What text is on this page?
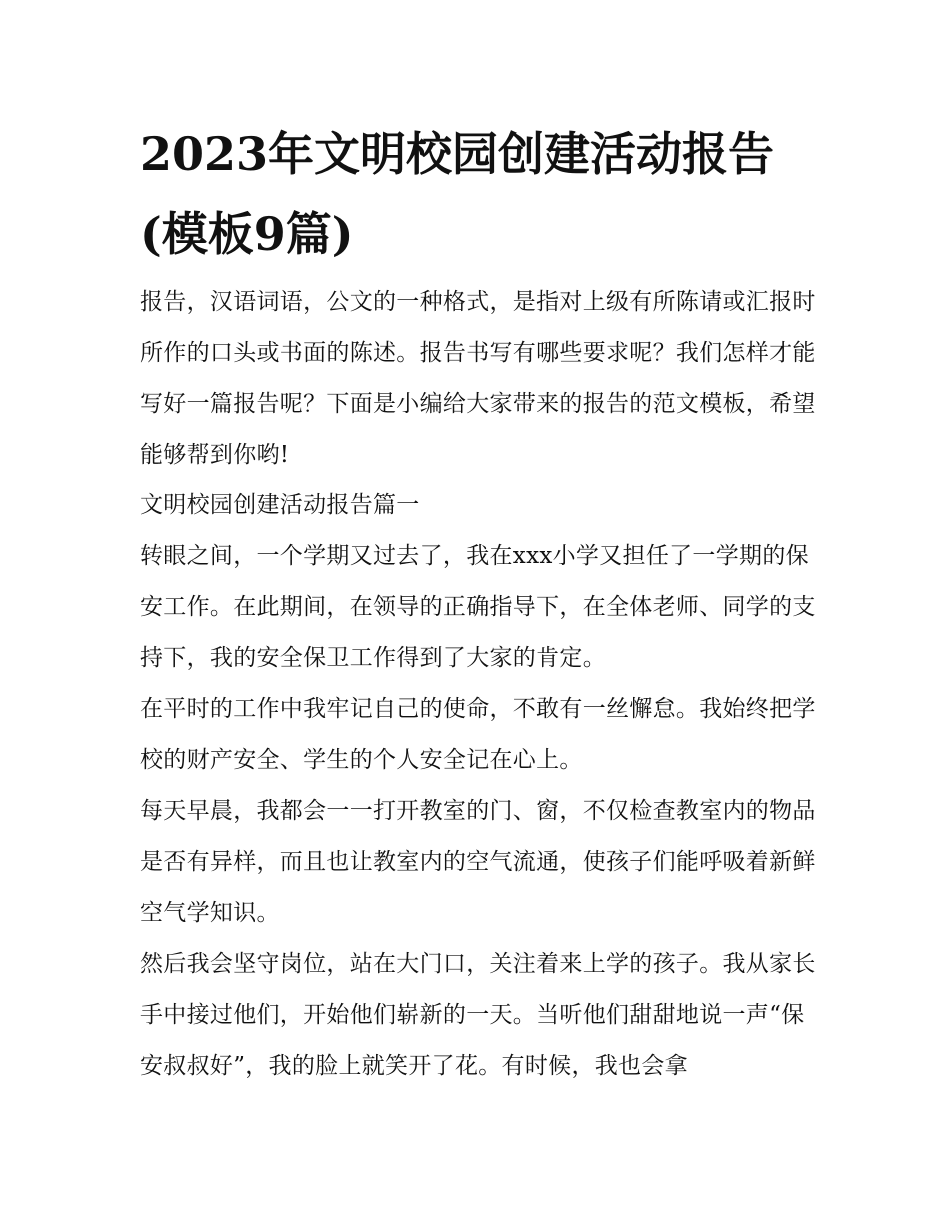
2023年文明校园创建活动报告(模板9篇)

报告，汉语词语，公文的一种格式，是指对上级有所陈请或汇报时所作的口头或书面的陈述。报告书写有哪些要求呢？我们怎样才能写好一篇报告呢？下面是小编给大家带来的报告的范文模板，希望能够帮到你哟!

文明校园创建活动报告篇一

转眼之间，一个学期又过去了，我在xxx小学又担任了一学期的保安工作。在此期间，在领导的正确指导下，在全体老师、同学的支持下，我的安全保卫工作得到了大家的肯定。

在平时的工作中我牢记自己的使命，不敢有一丝懈怠。我始终把学校的财产安全、学生的个人安全记在心上。

每天早晨，我都会一一打开教室的门、窗，不仅检查教室内的物品是否有异样，而且也让教室内的空气流通，使孩子们能呼吸着新鲜空气学知识。

然后我会坚守岗位，站在大门口，关注着来上学的孩子。我从家长手中接过他们，开始他们崭新的一天。当听他们甜甜地说一声“保安叔叔好”，我的脸上就笑开了花。有时候，我也会拿
